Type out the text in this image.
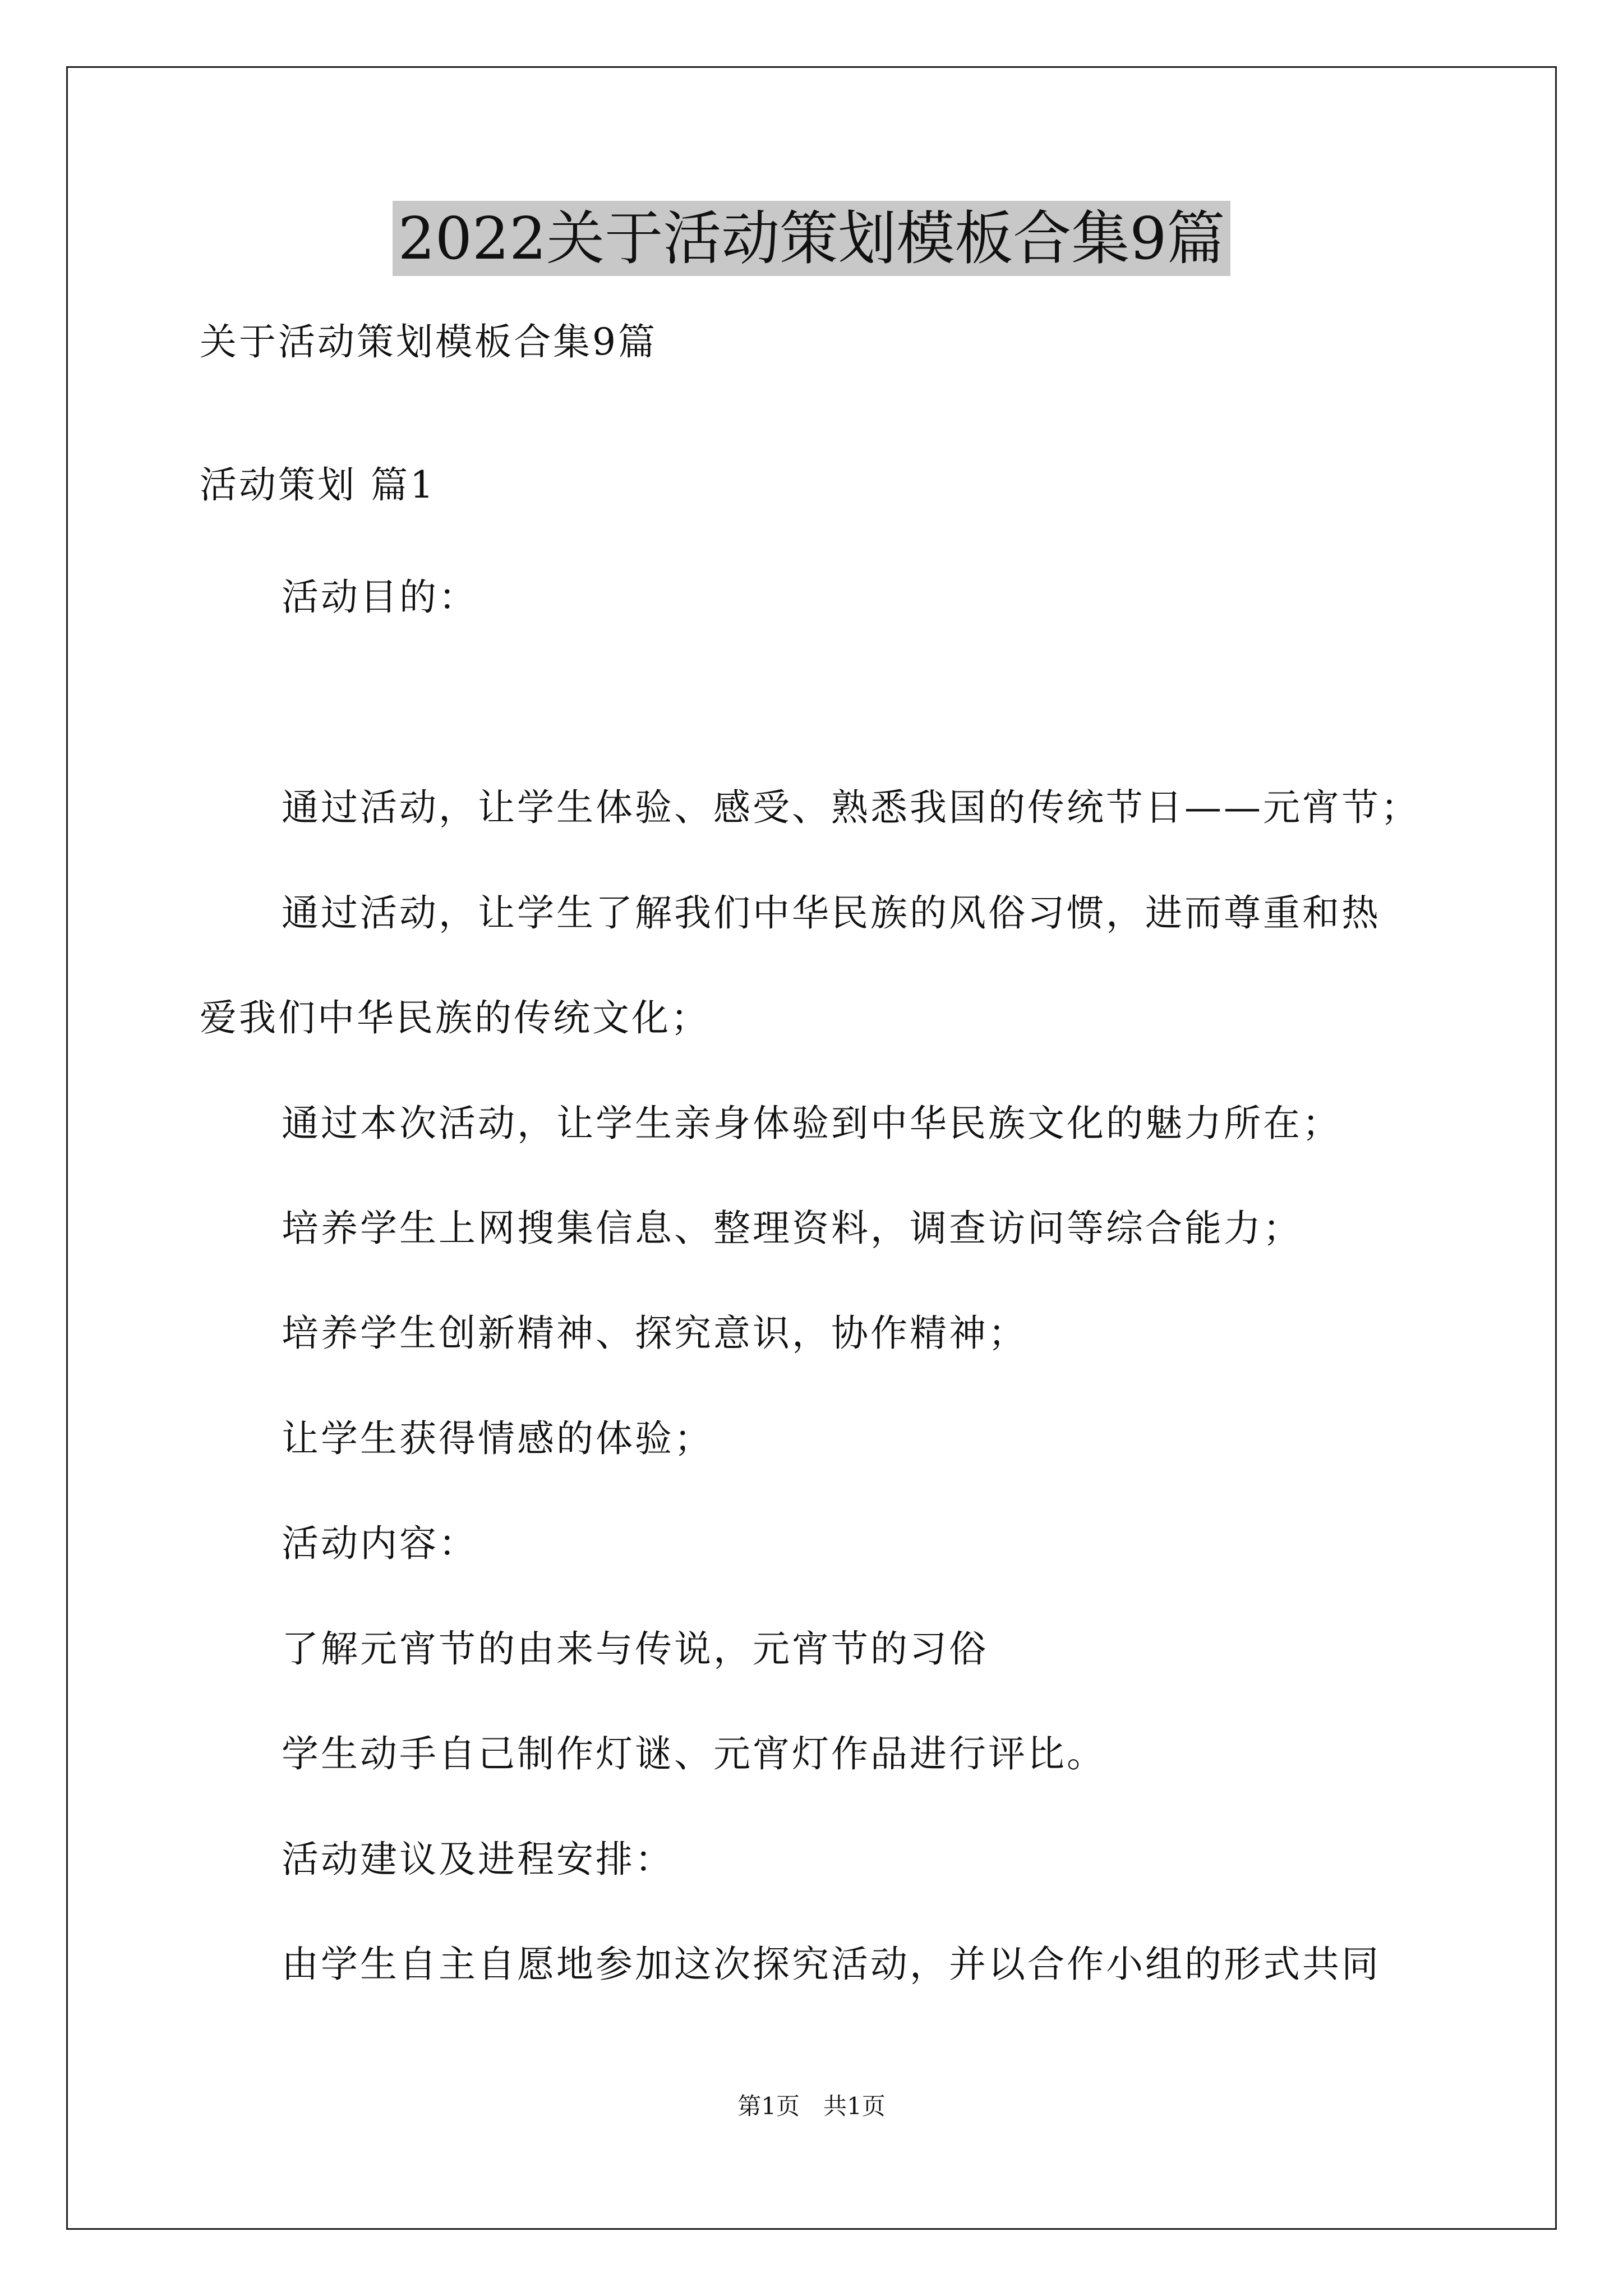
2022关于活动策划模板合集9篇

关于活动策划模板合集9篇

活动策划 篇1

活动目的：

通过活动，让学生体验、感受、熟悉我国的传统节日——元宵节；

通过活动，让学生了解我们中华民族的风俗习惯，进而尊重和热

爱我们中华民族的传统文化；

通过本次活动，让学生亲身体验到中华民族文化的魅力所在；

培养学生上网搜集信息、整理资料，调查访问等综合能力；

培养学生创新精神、探究意识，协作精神；

让学生获得情感的体验；

活动内容：

了解元宵节的由来与传说，元宵节的习俗

学生动手自己制作灯谜、元宵灯作品进行评比。

活动建议及进程安排：

由学生自主自愿地参加这次探究活动，并以合作小组的形式共同

第1页　共1页
